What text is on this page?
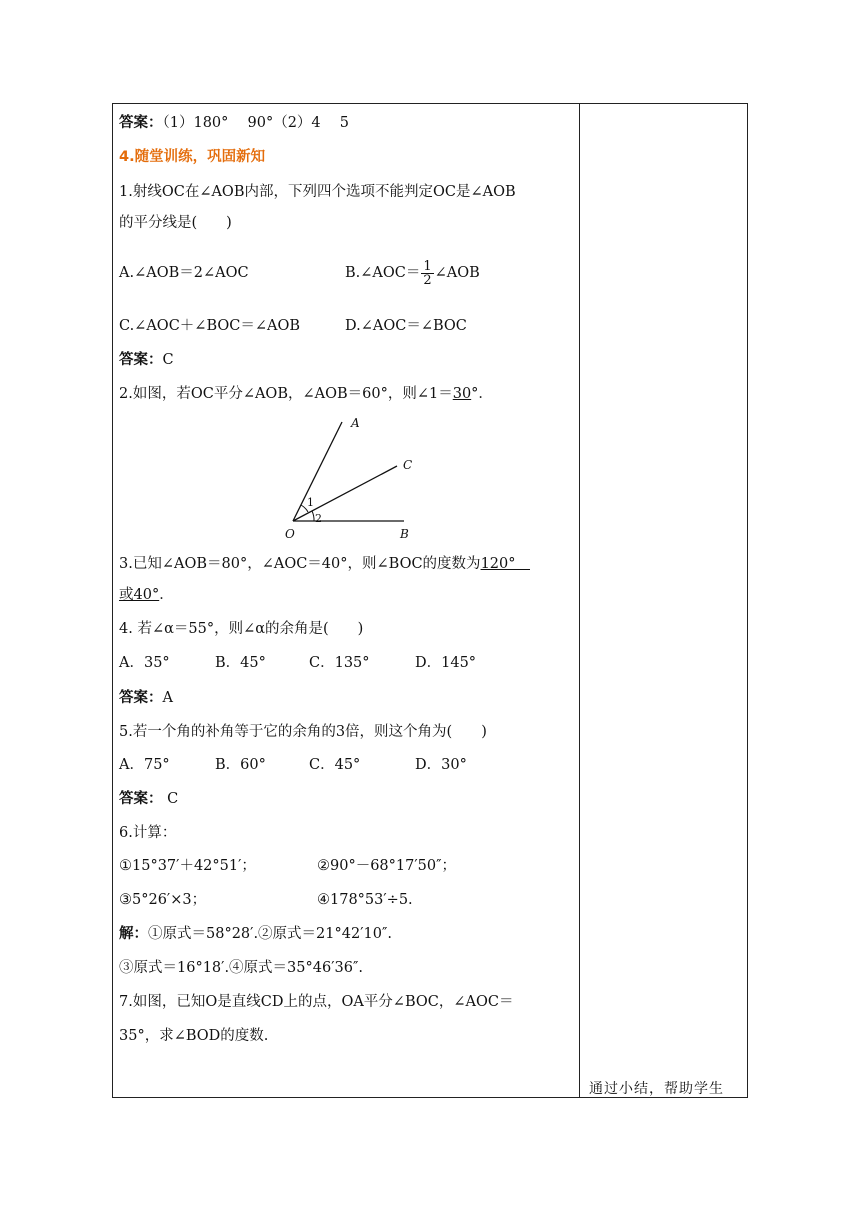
答案：（1）180°　 90°（2）4　 5
4.随堂训练，巩固新知
1.射线OC在∠AOB内部，下列四个选项不能判定OC是∠AOB
的平分线是(　　)
A.∠AOB＝2∠AOC	B.∠AOC＝ $\frac{1}{2}$ ∠AOB
C.∠AOC＋∠BOC＝∠AOB	D.∠AOC＝∠BOC
答案：C
2.如图，若OC平分∠AOB，∠AOB＝60°，则∠1＝30°．
A
C
B
O
1
2
3.已知∠AOB＝80°，∠AOC＝40°，则∠BOC的度数为120°　
或40°．
4. 若∠α＝55°，则∠α的余角是(　　)
A．35°	B．45°	C．135°	D．145°
答案：A
5.若一个角的补角等于它的余角的3倍，则这个角为(　　)
A．75°	B．60°	C．45°	D．30°
答案： C
6.计算：
①15°37′＋42°51′；	②90°－68°17′50″；
③5°26′×3；	④178°53′÷5.
解：①原式＝58°28′.②原式＝21°42′10″.
③原式＝16°18′.④原式＝35°46′36″.
7.如图，已知O是直线CD上的点，OA平分∠BOC，∠AOC＝
35°，求∠BOD的度数.
通过小结，帮助学生
